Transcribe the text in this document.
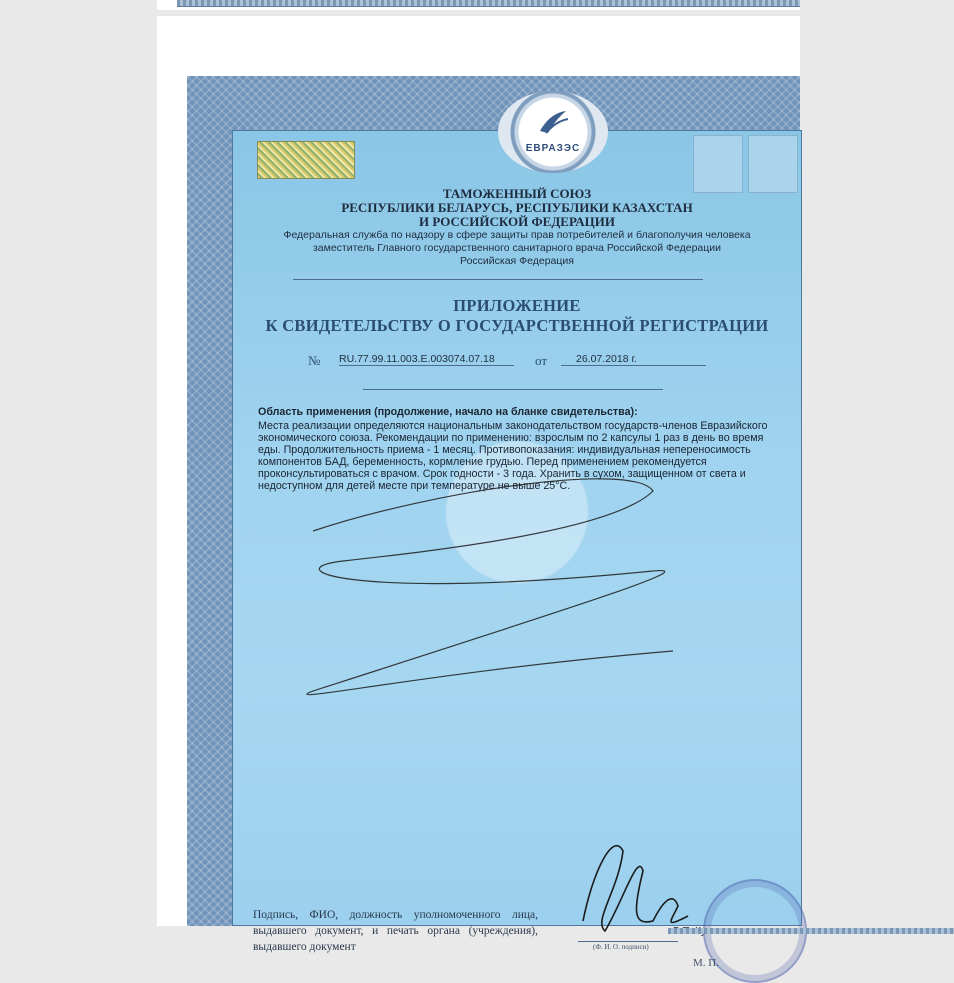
ЕВРАЗЭС
ТАМОЖЕННЫЙ СОЮЗ
РЕСПУБЛИКИ БЕЛАРУСЬ, РЕСПУБЛИКИ КАЗАХСТАН
И РОССИЙСКОЙ ФЕДЕРАЦИИ
Федеральная служба по надзору в сфере защиты прав потребителей и благополучия человека
заместитель Главного государственного санитарного врача Российской Федерации
Российская Федерация
ПРИЛОЖЕНИЕ
К СВИДЕТЕЛЬСТВУ О ГОСУДАРСТВЕННОЙ РЕГИСТРАЦИИ
№ RU.77.99.11.003.Е.003074.07.18	от	26.07.2018 г.
Область применения (продолжение, начало на бланке свидетельства):
Места реализации определяются национальным законодательством государств-членов Евразийского экономического союза. Рекомендации по применению: взрослым по 2 капсулы 1 раз в день во время еды. Продолжительность приема - 1 месяц. Противопоказания: индивидуальная непереносимость компонентов БАД, беременность, кормление грудью. Перед применением рекомендуется проконсультироваться с врачом. Срок годности - 3 года. Хранить в сухом, защищенном от света и недоступном для детей месте при температуре не выше 25°С.
Подпись, ФИО, должность уполномоченного лица, выдавшего документ, и печать органа (учреждения), выдавшего документ	(Ф. И. О. подписи)
М. П.
